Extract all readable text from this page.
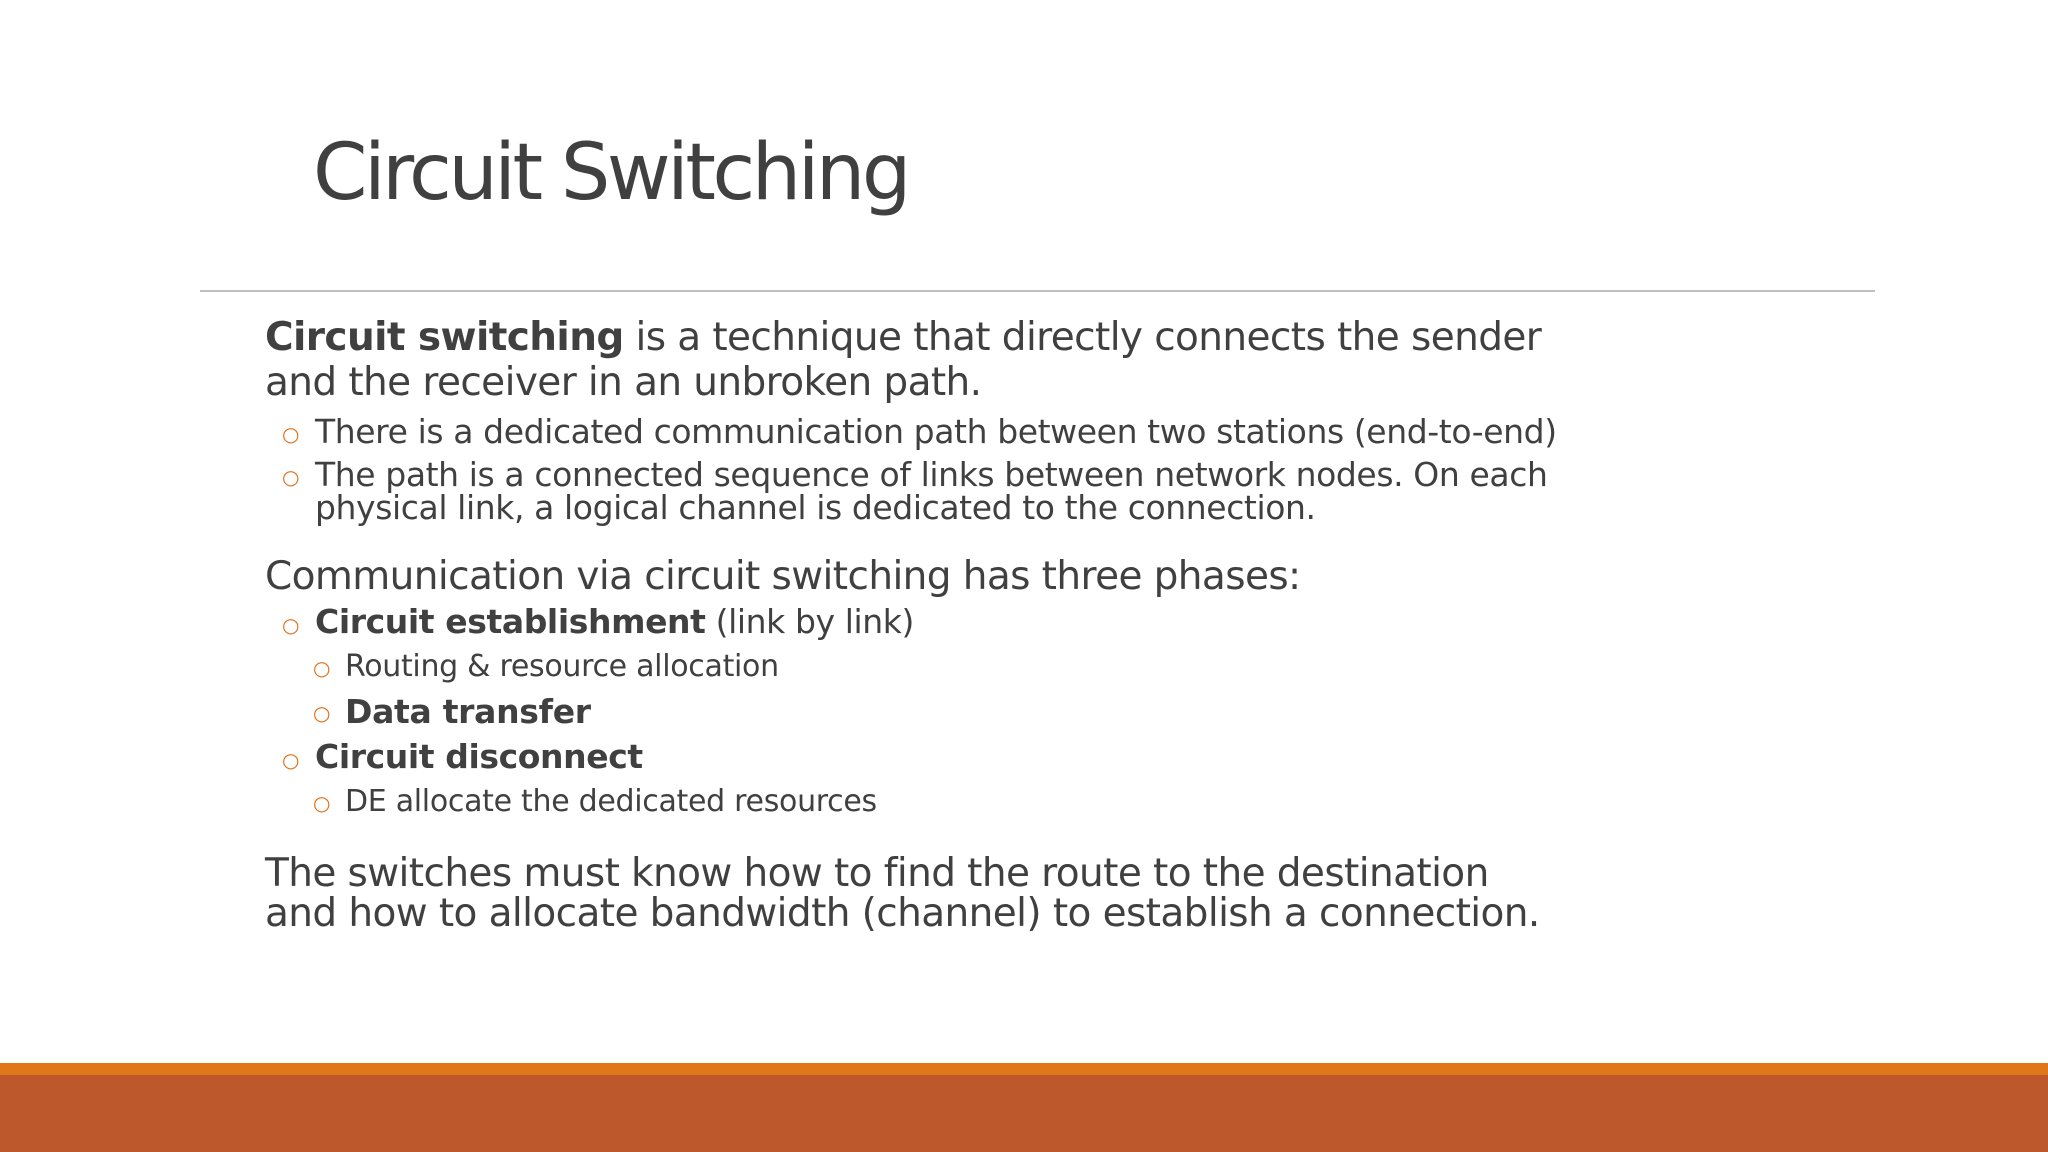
Circuit Switching

Circuit switching is a technique that directly connects the sender and the receiver in an unbroken path.

○ There is a dedicated communication path between two stations (end-to-end)
○ The path is a connected sequence of links between network nodes. On each physical link, a logical channel is dedicated to the connection.

Communication via circuit switching has three phases:

○ Circuit establishment (link by link)
○ Routing & resource allocation
○ Data transfer
○ Circuit disconnect
○ DE allocate the dedicated resources

The switches must know how to find the route to the destination and how to allocate bandwidth (channel) to establish a connection.
